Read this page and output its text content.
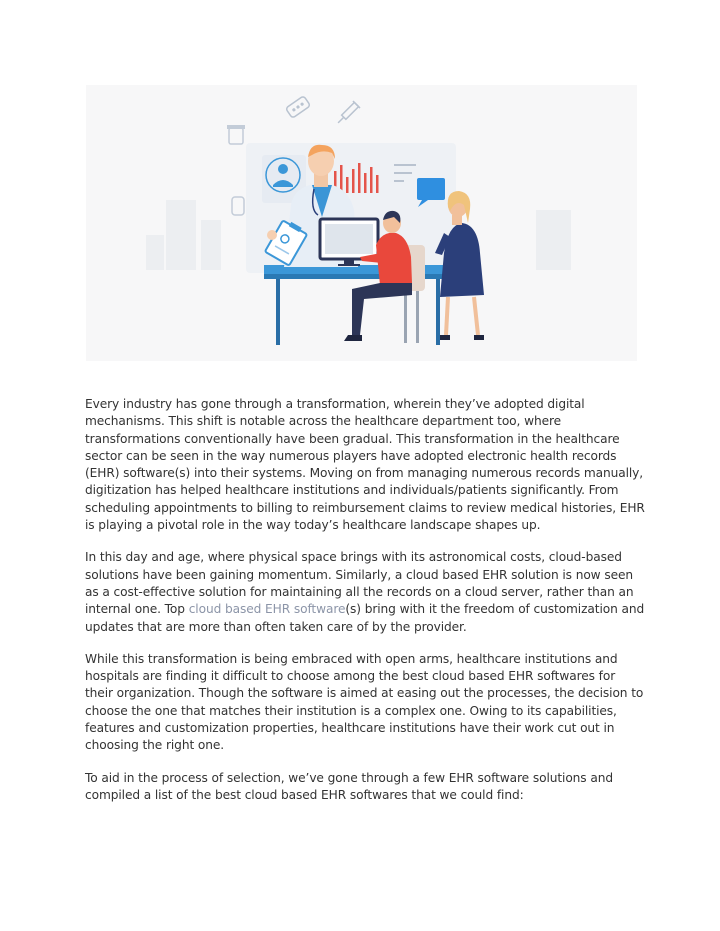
Every industry has gone through a transformation, wherein they’ve adopted digital mechanisms. This shift is notable across the healthcare department too, where transformations conventionally have been gradual. This transformation in the healthcare sector can be seen in the way numerous players have adopted electronic health records (EHR) software(s) into their systems. Moving on from managing numerous records manually, digitization has helped healthcare institutions and individuals/patients significantly. From scheduling appointments to billing to reimbursement claims to review medical histories, EHR is playing a pivotal role in the way today’s healthcare landscape shapes up.

In this day and age, where physical space brings with its astronomical costs, cloud-based solutions have been gaining momentum. Similarly, a cloud based EHR solution is now seen as a cost-effective solution for maintaining all the records on a cloud server, rather than an internal one. Top cloud based EHR software(s) bring with it the freedom of customization and updates that are more than often taken care of by the provider.

While this transformation is being embraced with open arms, healthcare institutions and hospitals are finding it difficult to choose among the best cloud based EHR softwares for their organization. Though the software is aimed at easing out the processes, the decision to choose the one that matches their institution is a complex one. Owing to its capabilities, features and customization properties, healthcare institutions have their work cut out in choosing the right one.

To aid in the process of selection, we’ve gone through a few EHR software solutions and compiled a list of the best cloud based EHR softwares that we could find:
